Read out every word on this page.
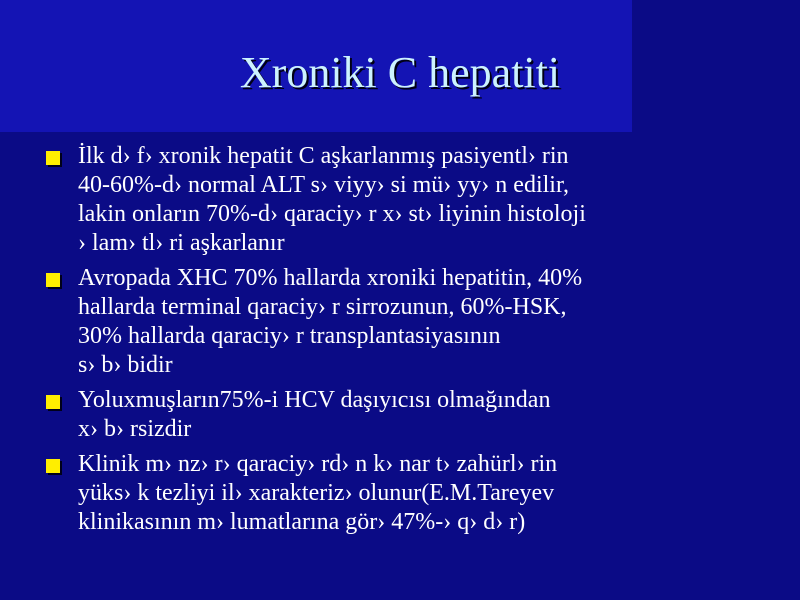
Xroniki C hepatiti
İlk d› f› xronik hepatit C aşkarlanmış pasiyentl› rin
40-60%-d› normal ALT s› viyy› si mü› yy› n edilir,
lakin onların 70%-d› qaraciy› r x› st› liyinin histoloji
› lam› tl› ri aşkarlanır
Avropada XHC 70% hallarda xroniki hepatitin, 40%
hallarda terminal qaraciy› r sirrozunun, 60%-HSK,
30% hallarda qaraciy› r transplantasiyasının
s› b› bidir
Yoluxmuşların75%-i HCV daşıyıcısı olmağından
x› b› rsizdir
Klinik m› nz› r› qaraciy› rd› n k› nar t› zahürl› rin
yüks› k tezliyi il› xarakteriz› olunur(E.M.Tareyev
klinikasının m› lumatlarına gör› 47%-› q› d› r)
